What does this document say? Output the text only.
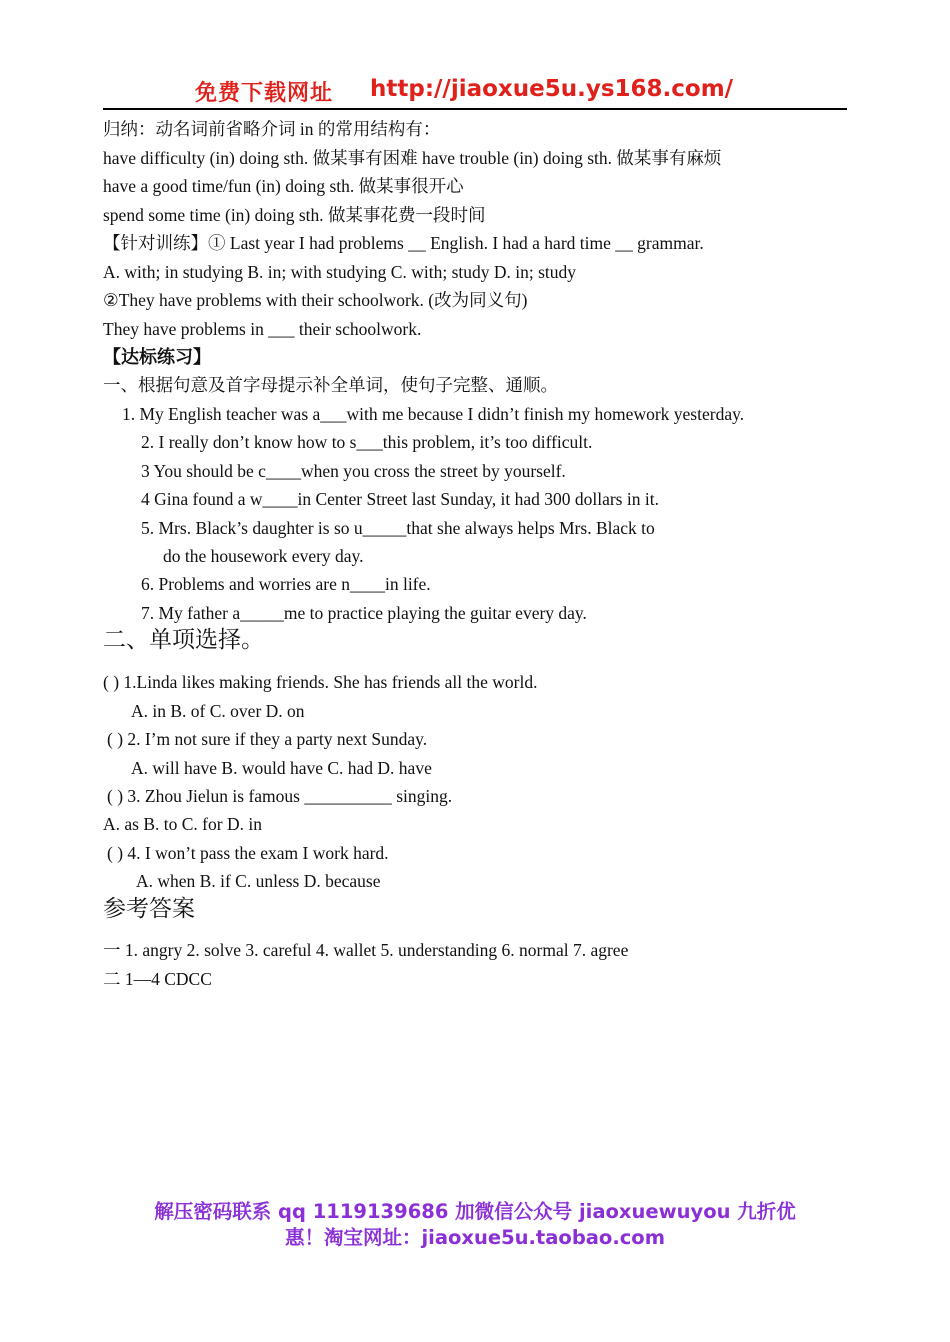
免费下载网址 http://jiaoxue5u.ys168.com/
归纳：动名词前省略介词 in 的常用结构有：
have difficulty (in) doing sth. 做某事有困难 have trouble (in) doing sth. 做某事有麻烦
have a good time/fun (in) doing sth. 做某事很开心
spend some time (in) doing sth. 做某事花费一段时间
【针对训练】① Last year I had problems __ English. I had a hard time __ grammar.
A. with; in studying B. in; with studying C. with; study D. in; study
②They have problems with their schoolwork. (改为同义句)
They have problems in ___ their schoolwork.
【达标练习】
一、根据句意及首字母提示补全单词，使句子完整、通顺。
1. My English teacher was a___with me because I didn’t finish my homework yesterday.
2. I really don’t know how to s___this problem, it’s too difficult.
3 You should be c____when you cross the street by yourself.
4 Gina found a w____in Center Street last Sunday, it had 300 dollars in it.
5. Mrs. Black’s daughter is so u_____that she always helps Mrs. Black to
do the housework every day.
6. Problems and worries are n____in life.
7. My father a_____me to practice playing the guitar every day.
二、单项选择。
( ) 1.Linda likes making friends. She has friends all the world.
A. in B. of C. over D. on
( ) 2. I’m not sure if they a party next Sunday.
A. will have B. would have C. had D. have
( ) 3. Zhou Jielun is famous __________ singing.
A. as B. to C. for D. in
( ) 4. I won’t pass the exam I work hard.
A. when B. if C. unless D. because
参考答案
一 1. angry 2. solve 3. careful 4. wallet 5. understanding 6. normal 7. agree
二 1—4 CDCC
解压密码联系 qq 1119139686 加微信公众号 jiaoxuewuyou 九折优
惠！淘宝网址：jiaoxue5u.taobao.com
